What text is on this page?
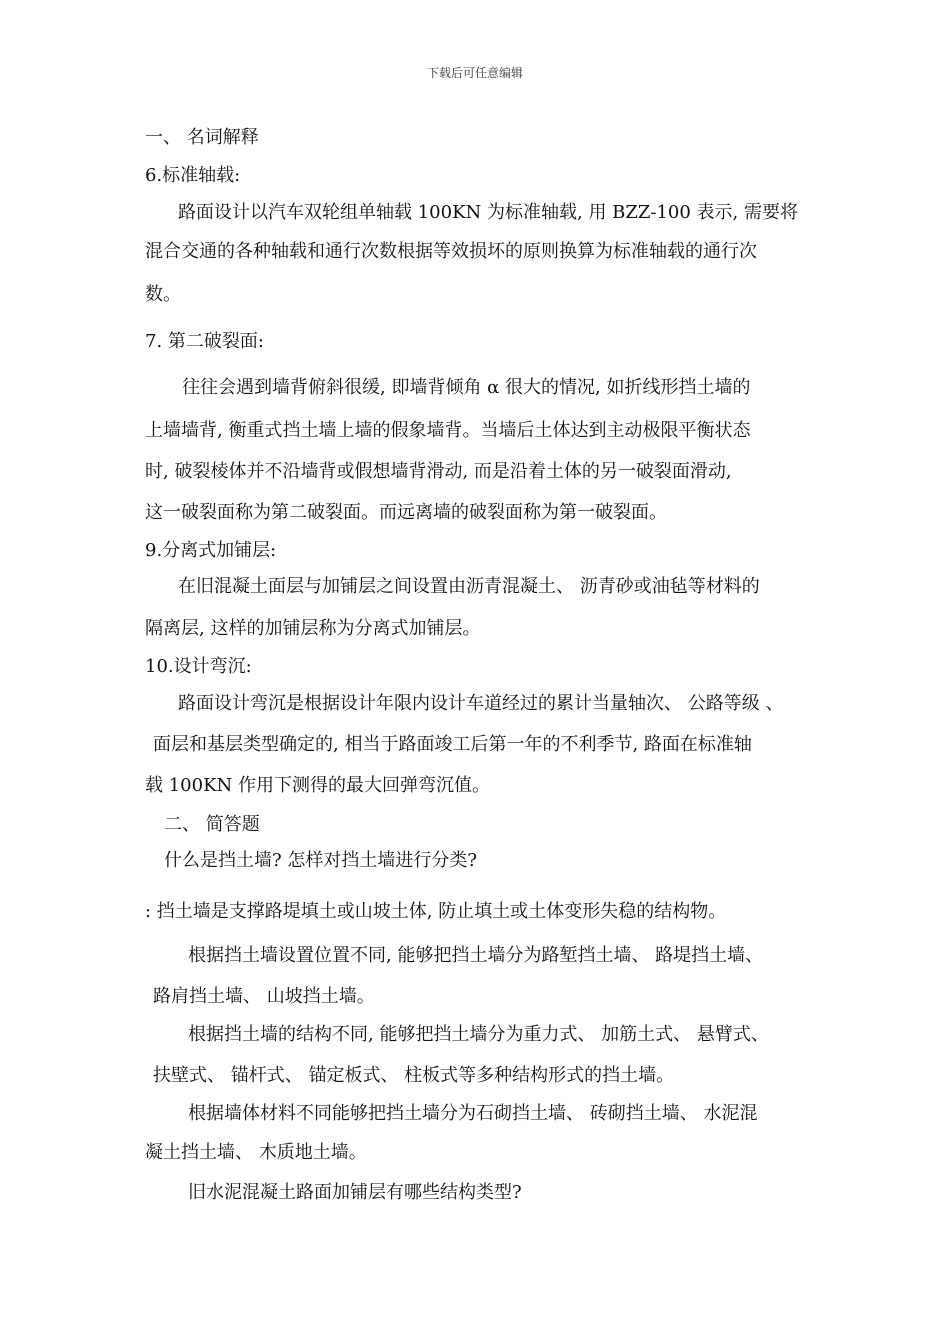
下载后可任意编辑
一、 名词解释
6.标准轴载:
路面设计以汽车双轮组单轴载 100KN 为标准轴载, 用 BZZ-100 表示, 需要将
混合交通的各种轴载和通行次数根据等效损坏的原则换算为标准轴载的通行次
数。
7. 第二破裂面:
往往会遇到墙背俯斜很缓, 即墙背倾角 α 很大的情况, 如折线形挡土墙的
上墙墙背, 衡重式挡土墙上墙的假象墙背。当墙后土体达到主动极限平衡状态
时, 破裂棱体并不沿墙背或假想墙背滑动, 而是沿着土体的另一破裂面滑动,
这一破裂面称为第二破裂面。而远离墙的破裂面称为第一破裂面。
9.分离式加铺层:
在旧混凝土面层与加铺层之间设置由沥青混凝土、 沥青砂或油毡等材料的
隔离层, 这样的加铺层称为分离式加铺层。
10.设计弯沉:
路面设计弯沉是根据设计年限内设计车道经过的累计当量轴次、 公路等级 、
面层和基层类型确定的, 相当于路面竣工后第一年的不利季节, 路面在标准轴
载 100KN 作用下测得的最大回弹弯沉值。
二、 简答题
什么是挡土墙? 怎样对挡土墙进行分类?
: 挡土墙是支撑路堤填土或山坡土体, 防止填土或土体变形失稳的结构物。
根据挡土墙设置位置不同, 能够把挡土墙分为路堑挡土墙、 路堤挡土墙、
路肩挡土墙、 山坡挡土墙。
根据挡土墙的结构不同, 能够把挡土墙分为重力式、 加筋土式、 悬臂式、
扶壁式、 锚杆式、 锚定板式、 柱板式等多种结构形式的挡土墙。
根据墙体材料不同能够把挡土墙分为石砌挡土墙、 砖砌挡土墙、 水泥混
凝土挡土墙、 木质地土墙。
旧水泥混凝土路面加铺层有哪些结构类型?
